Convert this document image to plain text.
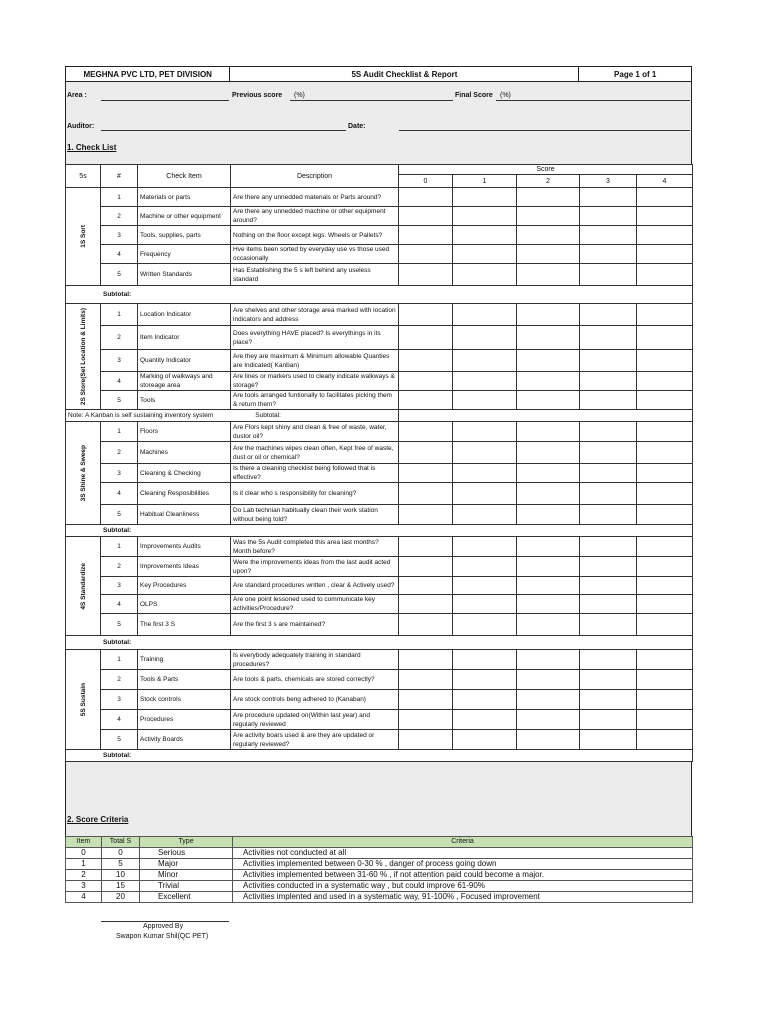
MEGHNA PVC LTD, PET DIVISION	5S Audit Checklist & Report	Page 1 of 1
Area :	Previous score (%)	Final Score (%)
Auditor:	Date:
1. Check List
5s	#	Check Item	Description	Score				
				0	1	2	3	4

1S Sort	1	Materials or parts	Are there any unnedded materials or Parts around?					
	2	Machine or other equipment	Are there any unnedded machine or other equipment around?					
	3	Tools, supplies, parts	Nothing on the floor except legs. Wheels or Pallets?					
	4	Frequency	Hve items been sorted by everyday use vs those used occasionally					
	5	Written Standards	Has Establishing the 5 s left behind any useless standard					
Subtotal:								

2S Store(Set Location & Limits)	1	Location Indicator	Are shelves and other storage area marked with location indicators and address					
	2	Item Indicator	Does everything HAVE placed? Is everythings in its place?					
	3	Quantity Indicator	Are they are maximum & Minimum allowable Quanties are Indicated( Kanban)					
	4	Marking of walkways and storeage area	Are lines or markers used to clearly indicate walkways & storage?					
	5	Tools	Are tools arranged funtionally to facilitates picking them & return them?					
Note: A Kanban is self sustaining inventory system Subtotal:								

3S Shine & Sweep	1	Floors	Are Flors kept shiny and clean & free of waste, water, dustor oil?					
	2	Machines	Are the machines wipes clean often, Kept free of waste, dust or oil or chemical?					
	3	Cleaning & Checking	Is there a cleaning checklist being followed that is effective?					
	4	Cleaning Resposibilities	Is it clear who s responsibility for cleaning?					
	5	Habitual Cleanliness	Do Lab technian habitually clean their work station without being told?					
Subtotal:								

4S Standardize	1	Improvements Audits	Was the 5s Audit completed this area last months? Month before?					
	2	Improvements Ideas	Were the improvements ideas from the last audit acted upon?					
	3	Key Procedures	Are standard procedures written , clear & Actively used?					
	4	OLPS	Are one point lessoned used to communicate key activities/Procedure?					
	5	The first 3 S	Are the first 3 s are maintained?					
Subtotal:								

5S Sustain	1	Training	Is everybody adequately training in standard procedures?					
	2	Tools & Parts	Are tools & parts, chemicals are stored correctly?					
	3	Stock controls	Are stock controls beng adhered to (Kanaban)					
	4	Procedures	Are procedure updated on(Within last year) and regularly reviewed					
	5	Activity Boards	Are activity boars used & are they are updated or regularly reviewed?					
Subtotal:								
2. Score Criteria
Item	Total S	Type	Criteria
0	0	Serious	Activities not conducted at all
1	5	Major	Activities implemented between 0-30 % , danger of process going down
2	10	Minor	Activities implemented between 31-60 % , if not attention paid could become a major.
3	15	Trivial	Activities conducted in a systematic way , but could improve 61-90%
4	20	Excellent	Activities implented and used in a systematic way, 91-100% , Focused improvement
Approved By
Swapon Kumar Shil(QC PET)
